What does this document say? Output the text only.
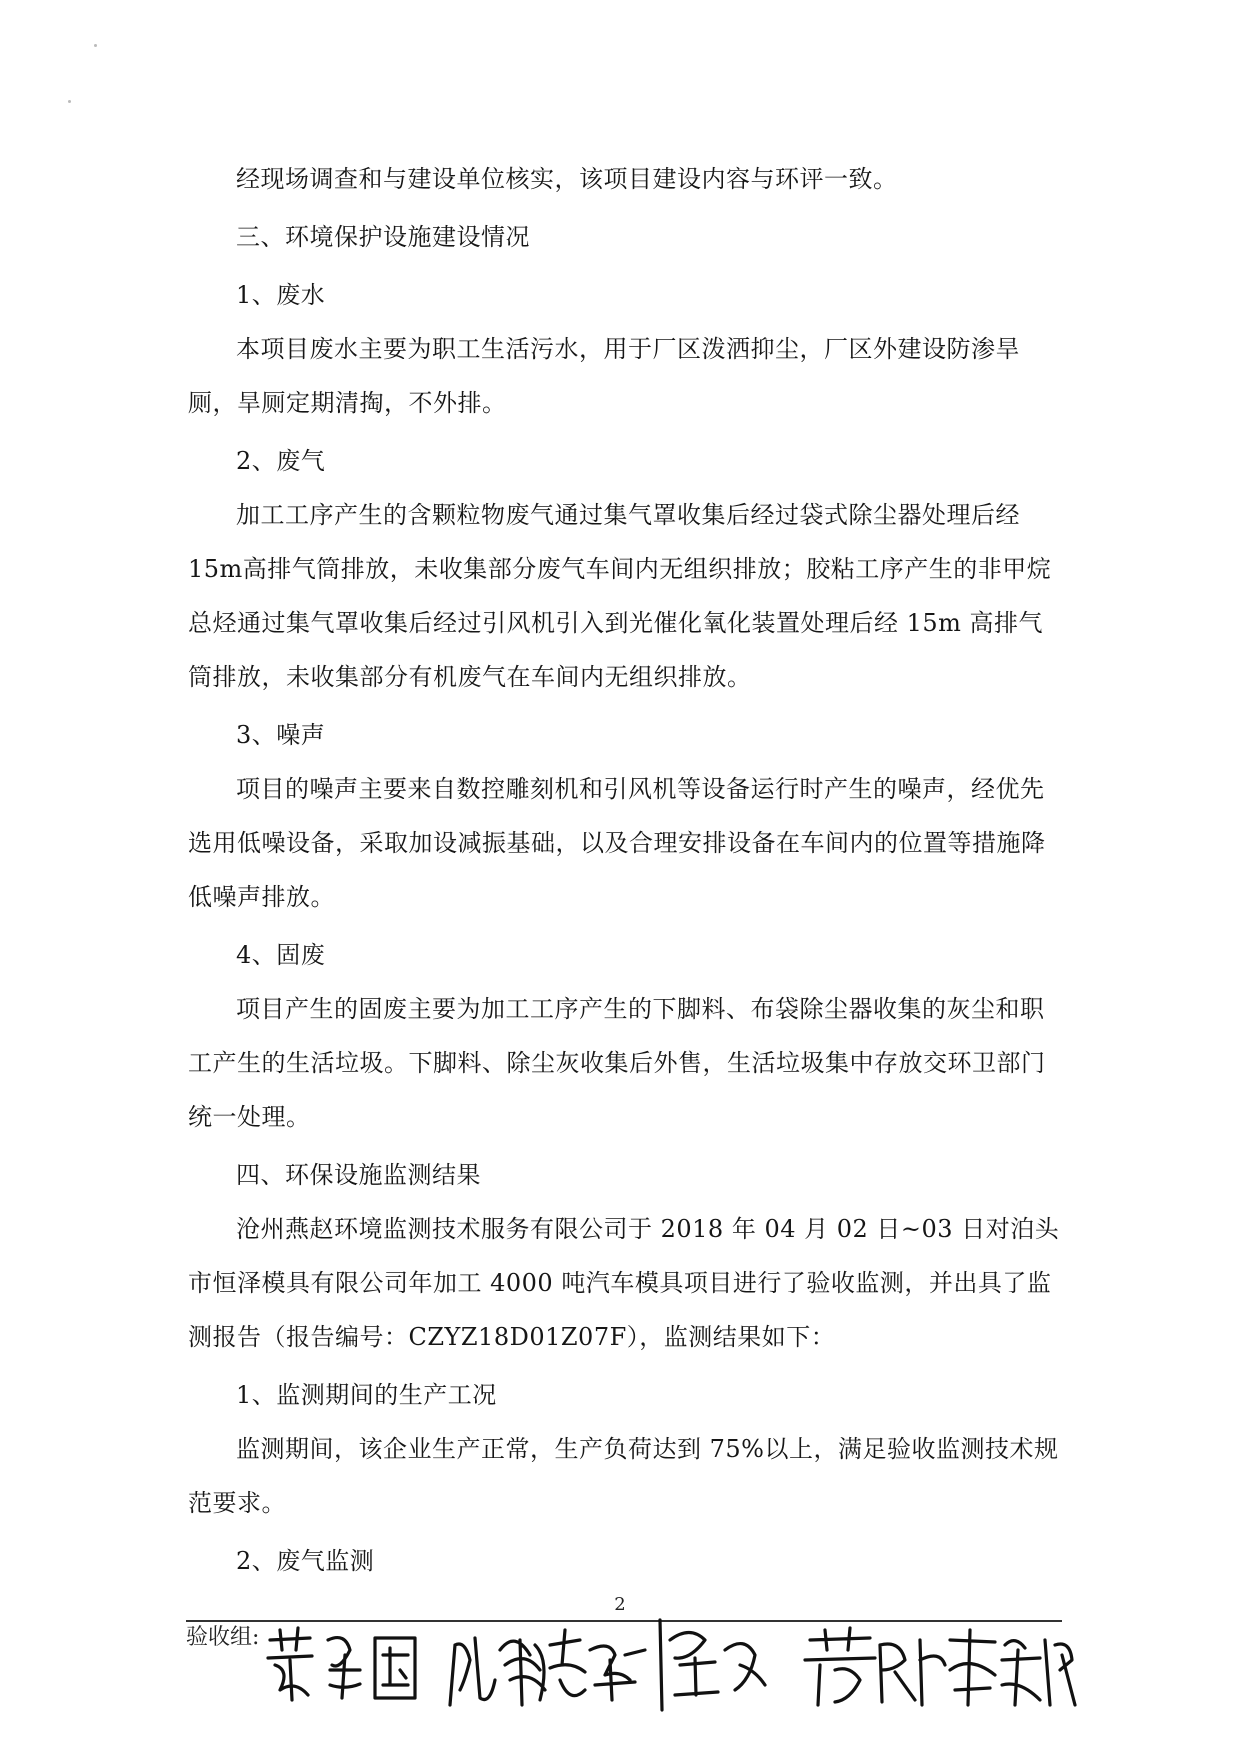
经现场调查和与建设单位核实，该项目建设内容与环评一致。

三、环境保护设施建设情况

1、废水

本项目废水主要为职工生活污水，用于厂区泼洒抑尘，厂区外建设防渗旱厕，旱厕定期清掏，不外排。

2、废气

加工工序产生的含颗粒物废气通过集气罩收集后经过袋式除尘器处理后经15m高排气筒排放，未收集部分废气车间内无组织排放；胶粘工序产生的非甲烷总烃通过集气罩收集后经过引风机引入到光催化氧化装置处理后经 15m 高排气筒排放，未收集部分有机废气在车间内无组织排放。

3、噪声

项目的噪声主要来自数控雕刻机和引风机等设备运行时产生的噪声，经优先选用低噪设备，采取加设减振基础，以及合理安排设备在车间内的位置等措施降低噪声排放。

4、固废

项目产生的固废主要为加工工序产生的下脚料、布袋除尘器收集的灰尘和职工产生的生活垃圾。下脚料、除尘灰收集后外售，生活垃圾集中存放交环卫部门统一处理。

四、环保设施监测结果

沧州燕赵环境监测技术服务有限公司于 2018 年 04 月 02 日~03 日对泊头市恒泽模具有限公司年加工 4000 吨汽车模具项目进行了验收监测，并出具了监测报告（报告编号：CZYZ18D01Z07F），监测结果如下：

1、监测期间的生产工况

监测期间，该企业生产正常，生产负荷达到 75%以上，满足验收监测技术规范要求。

2、废气监测

2
验收组:
